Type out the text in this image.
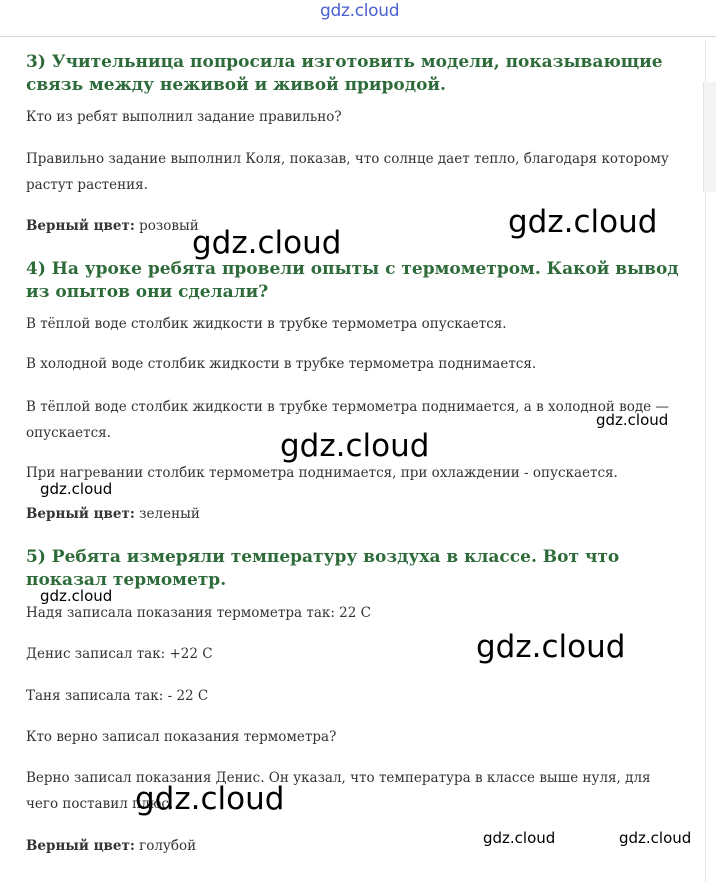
gdz.cloud
3) Учительница попросила изготовить модели, показывающие связь между неживой и живой природой.

Кто из ребят выполнил задание правильно?

Правильно задание выполнил Коля, показав, что солнце дает тепло, благодаря которому растут растения.

Верный цвет: розовый

4) На уроке ребята провели опыты с термометром. Какой вывод из опытов они сделали?

В тёплой воде столбик жидкости в трубке термометра опускается.

В холодной воде столбик жидкости в трубке термометра поднимается.

В тёплой воде столбик жидкости в трубке термометра поднимается, а в холодной воде — опускается.

При нагревании столбик термометра поднимается, при охлаждении - опускается.

Верный цвет: зеленый

5) Ребята измеряли температуру воздуха в классе. Вот что показал термометр.

Надя записала показания термометра так: 22 С

Денис записал так: +22 С

Таня записала так: - 22 С

Кто верно записал показания термометра?

Верно записал показания Денис. Он указал, что температура в классе выше нуля, для чего поставил плюс.

Верный цвет: голубой

gdz.cloud
gdz.cloud
gdz.cloud
gdz.cloud
gdz.cloud
gdz.cloud
gdz.cloud
gdz.cloud
gdz.cloud	gdz.cloud
